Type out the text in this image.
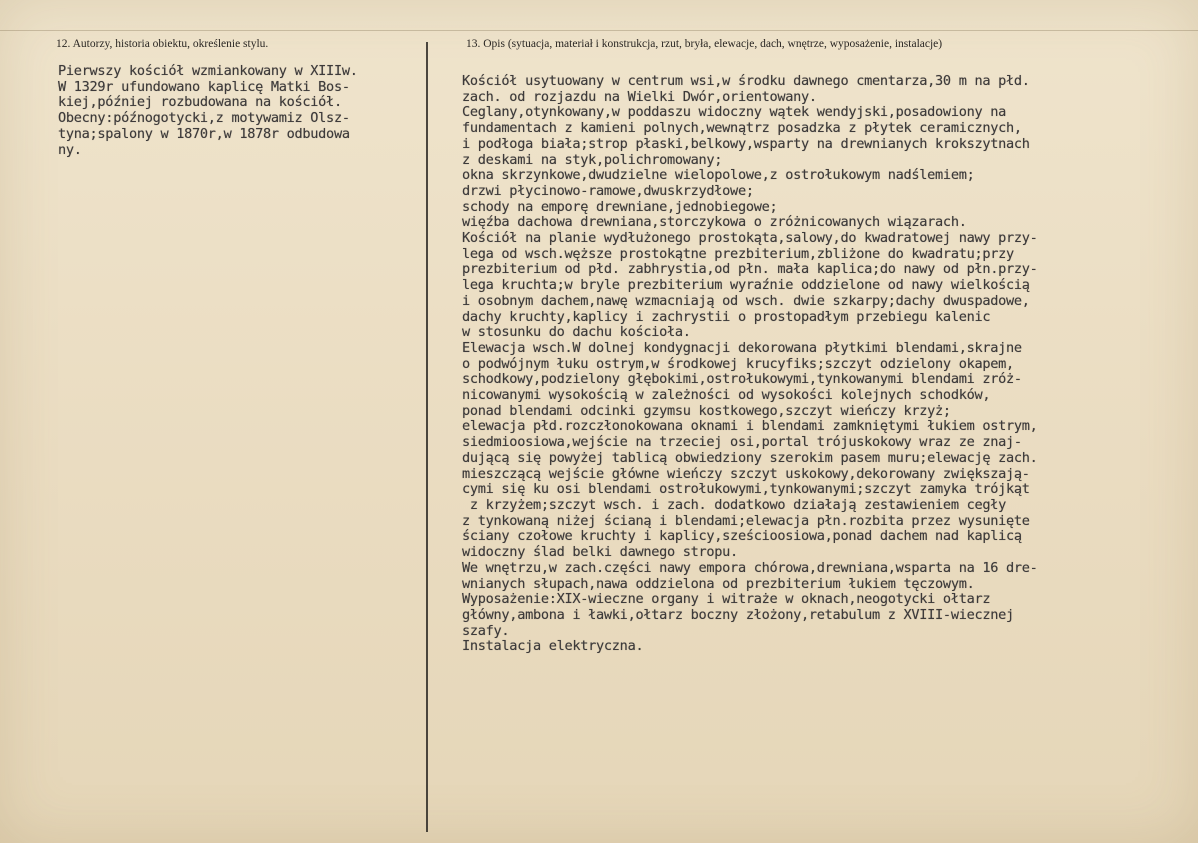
12. Autorzy, historia obiektu, określenie stylu.	13. Opis (sytuacja, materiał i konstrukcja, rzut, bryła, elewacje, dach, wnętrze, wyposażenie, instalacje)
Pierwszy kościół wzmiankowany w XIIIw.
W 1329r ufundowano kaplicę Matki Bos-
kiej,później rozbudowana na kościół.
Obecny:późnogotycki,z motywamiz Olsz-
tyna;spalony w 1870r,w 1878r odbudowa
ny.
Kościół usytuowany w centrum wsi,w środku dawnego cmentarza,30 m na płd.
zach. od rozjazdu na Wielki Dwór,orientowany.
Ceglany,otynkowany,w poddaszu widoczny wątek wendyjski,posadowiony na
fundamentach z kamieni polnych,wewnątrz posadzka z płytek ceramicznych,
i podłoga biała;strop płaski,belkowy,wsparty na drewnianych krokszytnach
z deskami na styk,polichromowany;
okna skrzynkowe,dwudzielne wielopolowe,z ostrołukowym nadślemiem;
drzwi płycinowo-ramowe,dwuskrzydłowe;
schody na emporę drewniane,jednobiegowe;
więźba dachowa drewniana,storczykowa o zróżnicowanych wiązarach.
Kościół na planie wydłużonego prostokąta,salowy,do kwadratowej nawy przy-
lega od wsch.węższe prostokątne prezbiterium,zbliżone do kwadratu;przy
prezbiterium od płd. zabhrystia,od płn. mała kaplica;do nawy od płn.przy-
lega kruchta;w bryle prezbiterium wyraźnie oddzielone od nawy wielkością
i osobnym dachem,nawę wzmacniają od wsch. dwie szkarpy;dachy dwuspadowe,
dachy kruchty,kaplicy i zachrystii o prostopadłym przebiegu kalenic
w stosunku do dachu kościoła.
Elewacja wsch.W dolnej kondygnacji dekorowana płytkimi blendami,skrajne
o podwójnym łuku ostrym,w środkowej krucyfiks;szczyt odzielony okapem,
schodkowy,podzielony głębokimi,ostrołukowymi,tynkowanymi blendami zróż-
nicowanymi wysokością w zależności od wysokości kolejnych schodków,
ponad blendami odcinki gzymsu kostkowego,szczyt wieńczy krzyż;
elewacja płd.rozczłonokowana oknami i blendami zamkniętymi łukiem ostrym,
siedmioosiowa,wejście na trzeciej osi,portal trójuskokowy wraz ze znaj-
dującą się powyżej tablicą obwiedziony szerokim pasem muru;elewację zach.
mieszczącą wejście główne wieńczy szczyt uskokowy,dekorowany zwiększają-
cymi się ku osi blendami ostrołukowymi,tynkowanymi;szczyt zamyka trójkąt
z krzyżem;szczyt wsch. i zach. dodatkowo działają zestawieniem cegły
z tynkowaną niżej ścianą i blendami;elewacja płn.rozbita przez wysunięte
ściany czołowe kruchty i kaplicy,sześcioosiowa,ponad dachem nad kaplicą
widoczny ślad belki dawnego stropu.
We wnętrzu,w zach.części nawy empora chórowa,drewniana,wsparta na 16 dre-
wnianych słupach,nawa oddzielona od prezbiterium łukiem tęczowym.
Wyposażenie:XIX-wieczne organy i witraże w oknach,neogotycki ołtarz
główny,ambona i ławki,ołtarz boczny złożony,retabulum z XVIII-wiecznej
szafy.
Instalacja elektryczna.
